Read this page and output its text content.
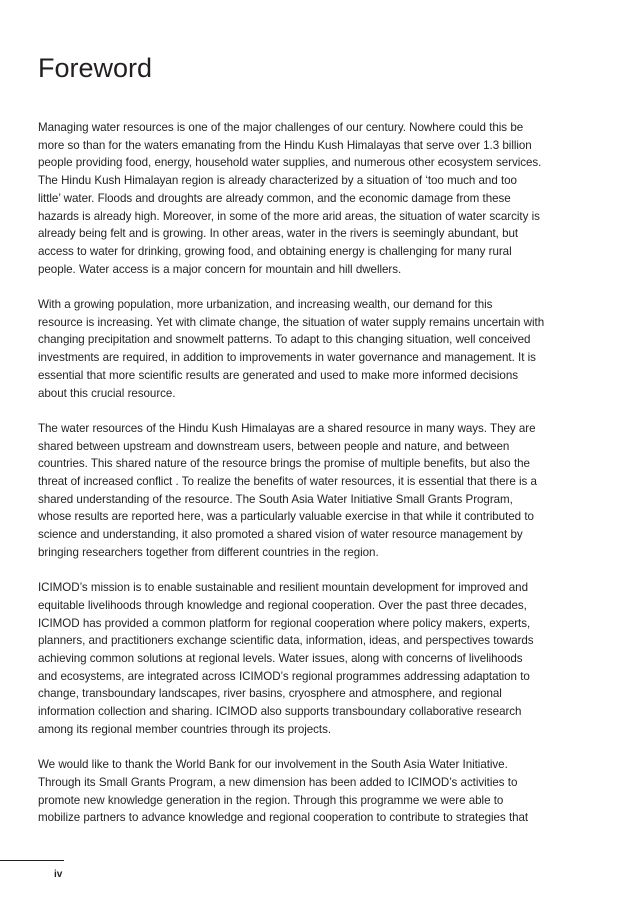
Foreword

Managing water resources is one of the major challenges of our century. Nowhere could this be
more so than for the waters emanating from the Hindu Kush Himalayas that serve over 1.3 billion
people providing food, energy, household water supplies, and numerous other ecosystem services.
The Hindu Kush Himalayan region is already characterized by a situation of ‘too much and too
little’ water. Floods and droughts are already common, and the economic damage from these
hazards is already high. Moreover, in some of the more arid areas, the situation of water scarcity is
already being felt and is growing. In other areas, water in the rivers is seemingly abundant, but
access to water for drinking, growing food, and obtaining energy is challenging for many rural
people. Water access is a major concern for mountain and hill dwellers.

With a growing population, more urbanization, and increasing wealth, our demand for this
resource is increasing. Yet with climate change, the situation of water supply remains uncertain with
changing precipitation and snowmelt patterns. To adapt to this changing situation, well conceived
investments are required, in addition to improvements in water governance and management. It is
essential that more scientific results are generated and used to make more informed decisions
about this crucial resource.

The water resources of the Hindu Kush Himalayas are a shared resource in many ways. They are
shared between upstream and downstream users, between people and nature, and between
countries. This shared nature of the resource brings the promise of multiple benefits, but also the
threat of increased conflict . To realize the benefits of water resources, it is essential that there is a
shared understanding of the resource. The South Asia Water Initiative Small Grants Program,
whose results are reported here, was a particularly valuable exercise in that while it contributed to
science and understanding, it also promoted a shared vision of water resource management by
bringing researchers together from different countries in the region.

ICIMOD’s mission is to enable sustainable and resilient mountain development for improved and
equitable livelihoods through knowledge and regional cooperation. Over the past three decades,
ICIMOD has provided a common platform for regional cooperation where policy makers, experts,
planners, and practitioners exchange scientific data, information, ideas, and perspectives towards
achieving common solutions at regional levels. Water issues, along with concerns of livelihoods
and ecosystems, are integrated across ICIMOD’s regional programmes addressing adaptation to
change, transboundary landscapes, river basins, cryosphere and atmosphere, and regional
information collection and sharing. ICIMOD also supports transboundary collaborative research
among its regional member countries through its projects.

We would like to thank the World Bank for our involvement in the South Asia Water Initiative.
Through its Small Grants Program, a new dimension has been added to ICIMOD’s activities to
promote new knowledge generation in the region. Through this programme we were able to
mobilize partners to advance knowledge and regional cooperation to contribute to strategies that

iv
